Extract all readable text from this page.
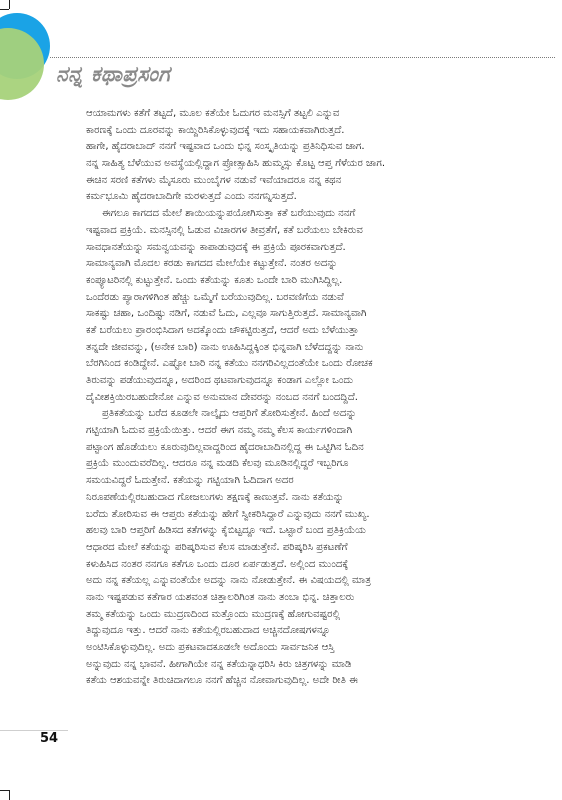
ನನ್ನ ಕಥಾಪ್ರಸಂಗ
ಆಯಾಮಗಳು ಕತೆಗೆ ತಟ್ಟದೆ, ಮೂಲ ಕತೆಯೇ ಓದುಗರ ಮನಸ್ಸಿಗೆ ತಟ್ಟಲಿ ಎನ್ನುವ
ಕಾರಣಕ್ಕೆ ಒಂದು ದೂರವನ್ನು ಕಾಯ್ದಿರಿಸಿಕೊಳ್ಳುವುದಕ್ಕೆ ಇದು ಸಹಾಯಕವಾಗಿರುತ್ತದೆ.
ಹಾಗೇ, ಹೈದರಾಬಾದ್ ನನಗೆ ಇಷ್ಟವಾದ ಒಂದು ಭಿನ್ನ ಸಂಸ್ಕೃತಿಯನ್ನು ಪ್ರತಿನಿಧಿಸುವ ಜಾಗ.
ನನ್ನ ಸಾಹಿತ್ಯ ಬೆಳೆಯುವ ಅವಸ್ಥೆಯಲ್ಲಿದ್ದಾಗ ಪ್ರೋತ್ಸಾಹಿಸಿ ಹುಮ್ಮಸ್ಸು ಕೊಟ್ಟ ಆಪ್ತ ಗೆಳೆಯರ ಜಾಗ.
ಈಚಿನ ಸರಣಿ ಕತೆಗಳು ಮೈಸೂರು ಮುಂಬೈಗಳ ನಡುವೆ ಇವೆಯಾದರೂ ನನ್ನ ಕಥನ
ಕರ್ಮಭೂಮಿ ಹೈದರಾಬಾದಿಗೇ ಮರಳುತ್ತದೆ ಎಂದು ನನಗನ್ನಿಸುತ್ತದೆ.
ಈಗಲೂ ಕಾಗದದ ಮೇಲೆ ಶಾಯಿಯನ್ನುಪಯೋಗಿಸುತ್ತಾ ಕತೆ ಬರೆಯುವುದು ನನಗೆ
ಇಷ್ಟವಾದ ಪ್ರಕ್ರಿಯೆ. ಮನಸ್ಸಿನಲ್ಲಿ ಓಡುವ ವಿಚಾರಗಳ ತೀವ್ರತೆಗೆ, ಕತೆ ಬರೆಯಲು ಬೇಕಿರುವ
ಸಾವಧಾನತೆಯನ್ನು ಸಮನ್ವಯವನ್ನು ಕಾಪಾಡುವುದಕ್ಕೆ ಈ ಪ್ರಕ್ರಿಯೆ ಪೂರಕವಾಗುತ್ತದೆ.
ಸಾಮಾನ್ಯವಾಗಿ ಮೊದಲ ಕರಡು ಕಾಗದದ ಮೇಲೆಯೇ ಕಟ್ಟುತ್ತೇನೆ. ನಂತರ ಅದನ್ನು
ಕಂಪ್ಯೂಟರಿನಲ್ಲಿ ಕುಟ್ಟುತ್ತೇನೆ. ಒಂದು ಕತೆಯನ್ನು ಕೂತು ಒಂದೇ ಬಾರಿ ಮುಗಿಸಿದ್ದಿಲ್ಲ.
ಒಂದೆರಡು ಪ್ಯಾರಾಗಳಿಗಿಂತ ಹೆಚ್ಚು ಒಮ್ಮೆಗೆ ಬರೆಯುವುದಿಲ್ಲ. ಬರವಣಿಗೆಯ ನಡುವೆ
ಸಾಕಷ್ಟು ಚಹಾ, ಒಂದಿಷ್ಟು ನಡಿಗೆ, ನಡುವೆ ಓದು, ಎಲ್ಲವೂ ಸಾಗುತ್ತಿರುತ್ತದೆ. ಸಾಮಾನ್ಯವಾಗಿ
ಕತೆ ಬರೆಯಲು ಪ್ರಾರಂಭಿಸಿದಾಗ ಅದಕ್ಕೊಂದು ಚೌಕಟ್ಟಿರುತ್ತದೆ, ಆದರೆ ಅದು ಬೆಳೆಯುತ್ತಾ
ತನ್ನದೇ ಜೀವವನ್ನು, (ಅನೇಕ ಬಾರಿ) ನಾನು ಊಹಿಸಿದ್ದಕ್ಕಿಂತ ಭಿನ್ನವಾಗಿ ಬೆಳೆದದ್ದನ್ನು ನಾನು
ಬೆರಗಿನಿಂದ ಕಂಡಿದ್ದೇನೆ. ಎಷ್ಟೋ ಬಾರಿ ನನ್ನ ಕತೆಯು ನನಗರಿವಿಲ್ಲದಂತೆಯೇ ಒಂದು ರೋಚಕ
ತಿರುವನ್ನು ಪಡೆಯುವುದನ್ನೂ, ಅದರಿಂದ ಥಟವಾಗುವುದನ್ನೂ ಕಂಡಾಗ ಎಲ್ಲೋ ಒಂದು
ದೈವೀಶಕ್ತಿಯಿರಬಹುದೇನೋ ಎನ್ನುವ ಅನುಮಾನ ದೇವರನ್ನು ನಂಬದ ನನಗೆ ಬಂದದ್ದಿದೆ.
ಪ್ರತಿಕತೆಯನ್ನು ಬರೆದ ಕೂಡಲೇ ನಾಲ್ಕೈದು ಆಪ್ತರಿಗೆ ತೋರಿಸುತ್ತೇನೆ. ಹಿಂದೆ ಅದನ್ನು
ಗಟ್ಟಿಯಾಗಿ ಓದುವ ಪ್ರಕ್ರಿಯೆಯಿತ್ತು. ಆದರೆ ಈಗ ನಮ್ಮ ನಮ್ಮ ಕೆಲಸ ಕಾರ್ಯಗಳಿಂದಾಗಿ
ಪಟ್ಟಾಂಗ ಹೊಡೆಯಲು ಕೂರುವುದಿಲ್ಲವಾದ್ದರಿಂದ ಹೈದರಾಬಾದಿನಲ್ಲಿದ್ದ ಈ ಒಟ್ಟಿಗಿನ ಓದಿನ
ಪ್ರಕ್ರಿಯೆ ಮುಂದುವರೆದಿಲ್ಲ. ಆದರೂ ನನ್ನ ಮಡದಿ ಕೆಲವು ಮೂಡಿನಲ್ಲಿದ್ದರೆ ಇಬ್ಬರಿಗೂ
ಸಮಯವಿದ್ದರೆ ಓದುತ್ತೇನೆ. ಕತೆಯನ್ನು ಗಟ್ಟಿಯಾಗಿ ಓದಿದಾಗ ಅದರ
ನಿರೂಪಣೆಯಲ್ಲಿರಬಹುದಾದ ಗೋಜಲುಗಳು ತಕ್ಷಣಕ್ಕೆ ಕಾಣುತ್ತವೆ. ನಾನು ಕತೆಯನ್ನು
ಬರೆದು ತೋರಿಸುವ ಈ ಆಪ್ತರು ಕತೆಯನ್ನು ಹೇಗೆ ಸ್ವೀಕರಿಸಿದ್ದಾರೆ ಎನ್ನುವುದು ನನಗೆ ಮುಖ್ಯ.
ಹಲವು ಬಾರಿ ಆಪ್ತರಿಗೆ ಹಿಡಿಸದ ಕತೆಗಳನ್ನು ಕೈಬಿಟ್ಟದ್ದೂ ಇದೆ. ಒಟ್ಟಾರೆ ಬಂದ ಪ್ರತಿಕ್ರಿಯೆಯ
ಆಧಾರದ ಮೇಲೆ ಕತೆಯನ್ನು ಪರಿಷ್ಕರಿಸುವ ಕೆಲಸ ಮಾಡುತ್ತೇನೆ. ಪರಿಷ್ಕರಿಸಿ ಪ್ರಕಟಣೆಗೆ
ಕಳುಹಿಸಿದ ನಂತರ ನನಗೂ ಕತೆಗೂ ಒಂದು ದೂರ ಏರ್ಪಡುತ್ತದೆ. ಅಲ್ಲಿಂದ ಮುಂದಕ್ಕೆ
ಅದು ನನ್ನ ಕತೆಯಲ್ಲ ಎನ್ನುವಂತೆಯೇ ಅದನ್ನು ನಾನು ನೋಡುತ್ತೇನೆ. ಈ ವಿಷಯದಲ್ಲಿ ಮಾತ್ರ
ನಾನು ಇಷ್ಟಪಡುವ ಕತೆಗಾರ ಯಶವಂತ ಚಿತ್ತಾಲರಿಗಿಂತ ನಾನು ತಂಬಾ ಭಿನ್ನ. ಚಿತ್ತಾಲರು
ತಮ್ಮ ಕತೆಯನ್ನು ಒಂದು ಮುದ್ರಣದಿಂದ ಮತ್ತೊಂದು ಮುದ್ರಣಕ್ಕೆ ಹೋಗುವಷ್ಟರಲ್ಲಿ
ತಿದ್ದುವುದೂ ಇತ್ತು. ಆದರೆ ನಾನು ಕತೆಯಲ್ಲಿರಬಹುದಾದ ಅಚ್ಚಿನದೋಷಗಳನ್ನೂ
ಅಂಟಿಸಿಕೊಳ್ಳುವುದಿಲ್ಲ. ಅದು ಪ್ರಕಟವಾದಕೂಡಲೇ ಅದೊಂದು ಸಾರ್ವಜನಿಕ ಆಸ್ತಿ
ಅನ್ನುವುದು ನನ್ನ ಭಾವನೆ. ಹೀಗಾಗಿಯೇ ನನ್ನ ಕತೆಯನ್ನಾಧರಿಸಿ ಕಿರು ಚಿತ್ರಗಳನ್ನು ಮಾಡಿ
ಕತೆಯ ಆಶಯವನ್ನೇ ತಿರುಚಿದಾಗಲೂ ನನಗೆ ಹೆಚ್ಚಿನ ನೋವಾಗುವುದಿಲ್ಲ. ಅದೇ ರೀತಿ ಈ
54
